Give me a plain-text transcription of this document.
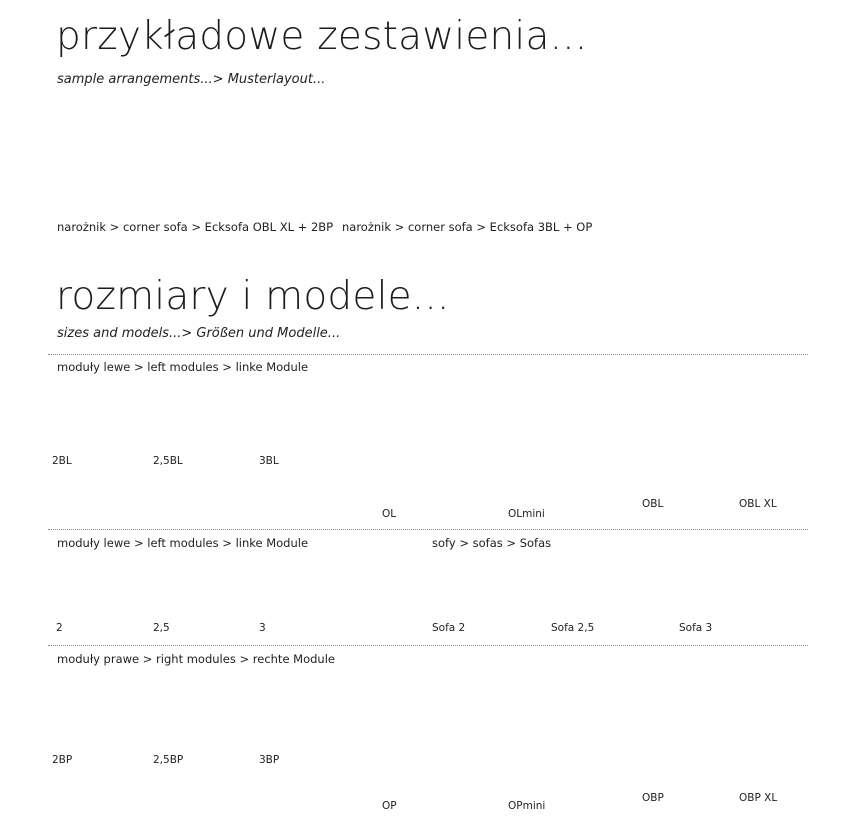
przykładowe zestawienia...
sample arrangements...> Musterlayout...
170	287
123
narożnik > corner sofa > Ecksofa OBL XL + 2BP
310	245
39(55)
65
112
narożnik > corner sofa > Ecksofa 3BL + OP
45
84(100)
70
108
rozmiary i modele...
sizes and models...> Größen und Modelle...
moduły lewe > left modules > linke Module
164
108
184	204	100
245	203
92
114
100
220	178
92
114
103
170	128
105
123
170	128
125
2BL	2,5BL	3BL
OL	OLmini
OBL	OBL XL
moduły lewe > left modules > linke Module	sofy > sofas > Sofas
141
108
161	181
59
187
108
207	227
2	2,5	3	Sofa 2	Sofa 2,5	Sofa 3
moduły prawe > right modules > rechte Module
164
108
184	204	100
245
92
114
100
220
92
114
170
105
123
170
125
2BP	2,5BP	3BP
OP	OPmini
OBP	OBP XL
